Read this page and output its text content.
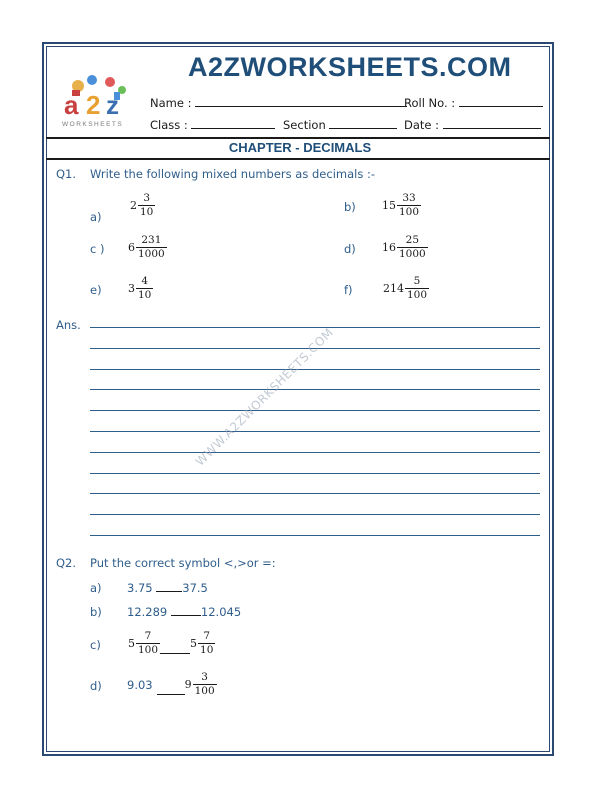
a 2 z
WORKSHEETS
A2ZWORKSHEETS.COM
Name :	Roll No. :
Class :	Section	Date :
CHAPTER - DECIMALS
Q1. Write the following mixed numbers as decimals :-
a)
$2 \frac{3}{10}$	b) $15 \frac{33}{100}$
c ) $6 \frac{231}{1000}$	d) $16 \frac{25}{1000}$
e) $3 \frac{4}{10}$	f)	$214 \frac{5}{100}$
Ans.
WWW.A2ZWORKSHEETS.COM
Q2. Put the correct symbol <,>or =:
a) 3.75	37.5
b) 12.289	12.045
c) $5 \frac{7}{100}$	$5 \frac{7}{10}$
d) 9.03	$9 \frac{3}{100}$
